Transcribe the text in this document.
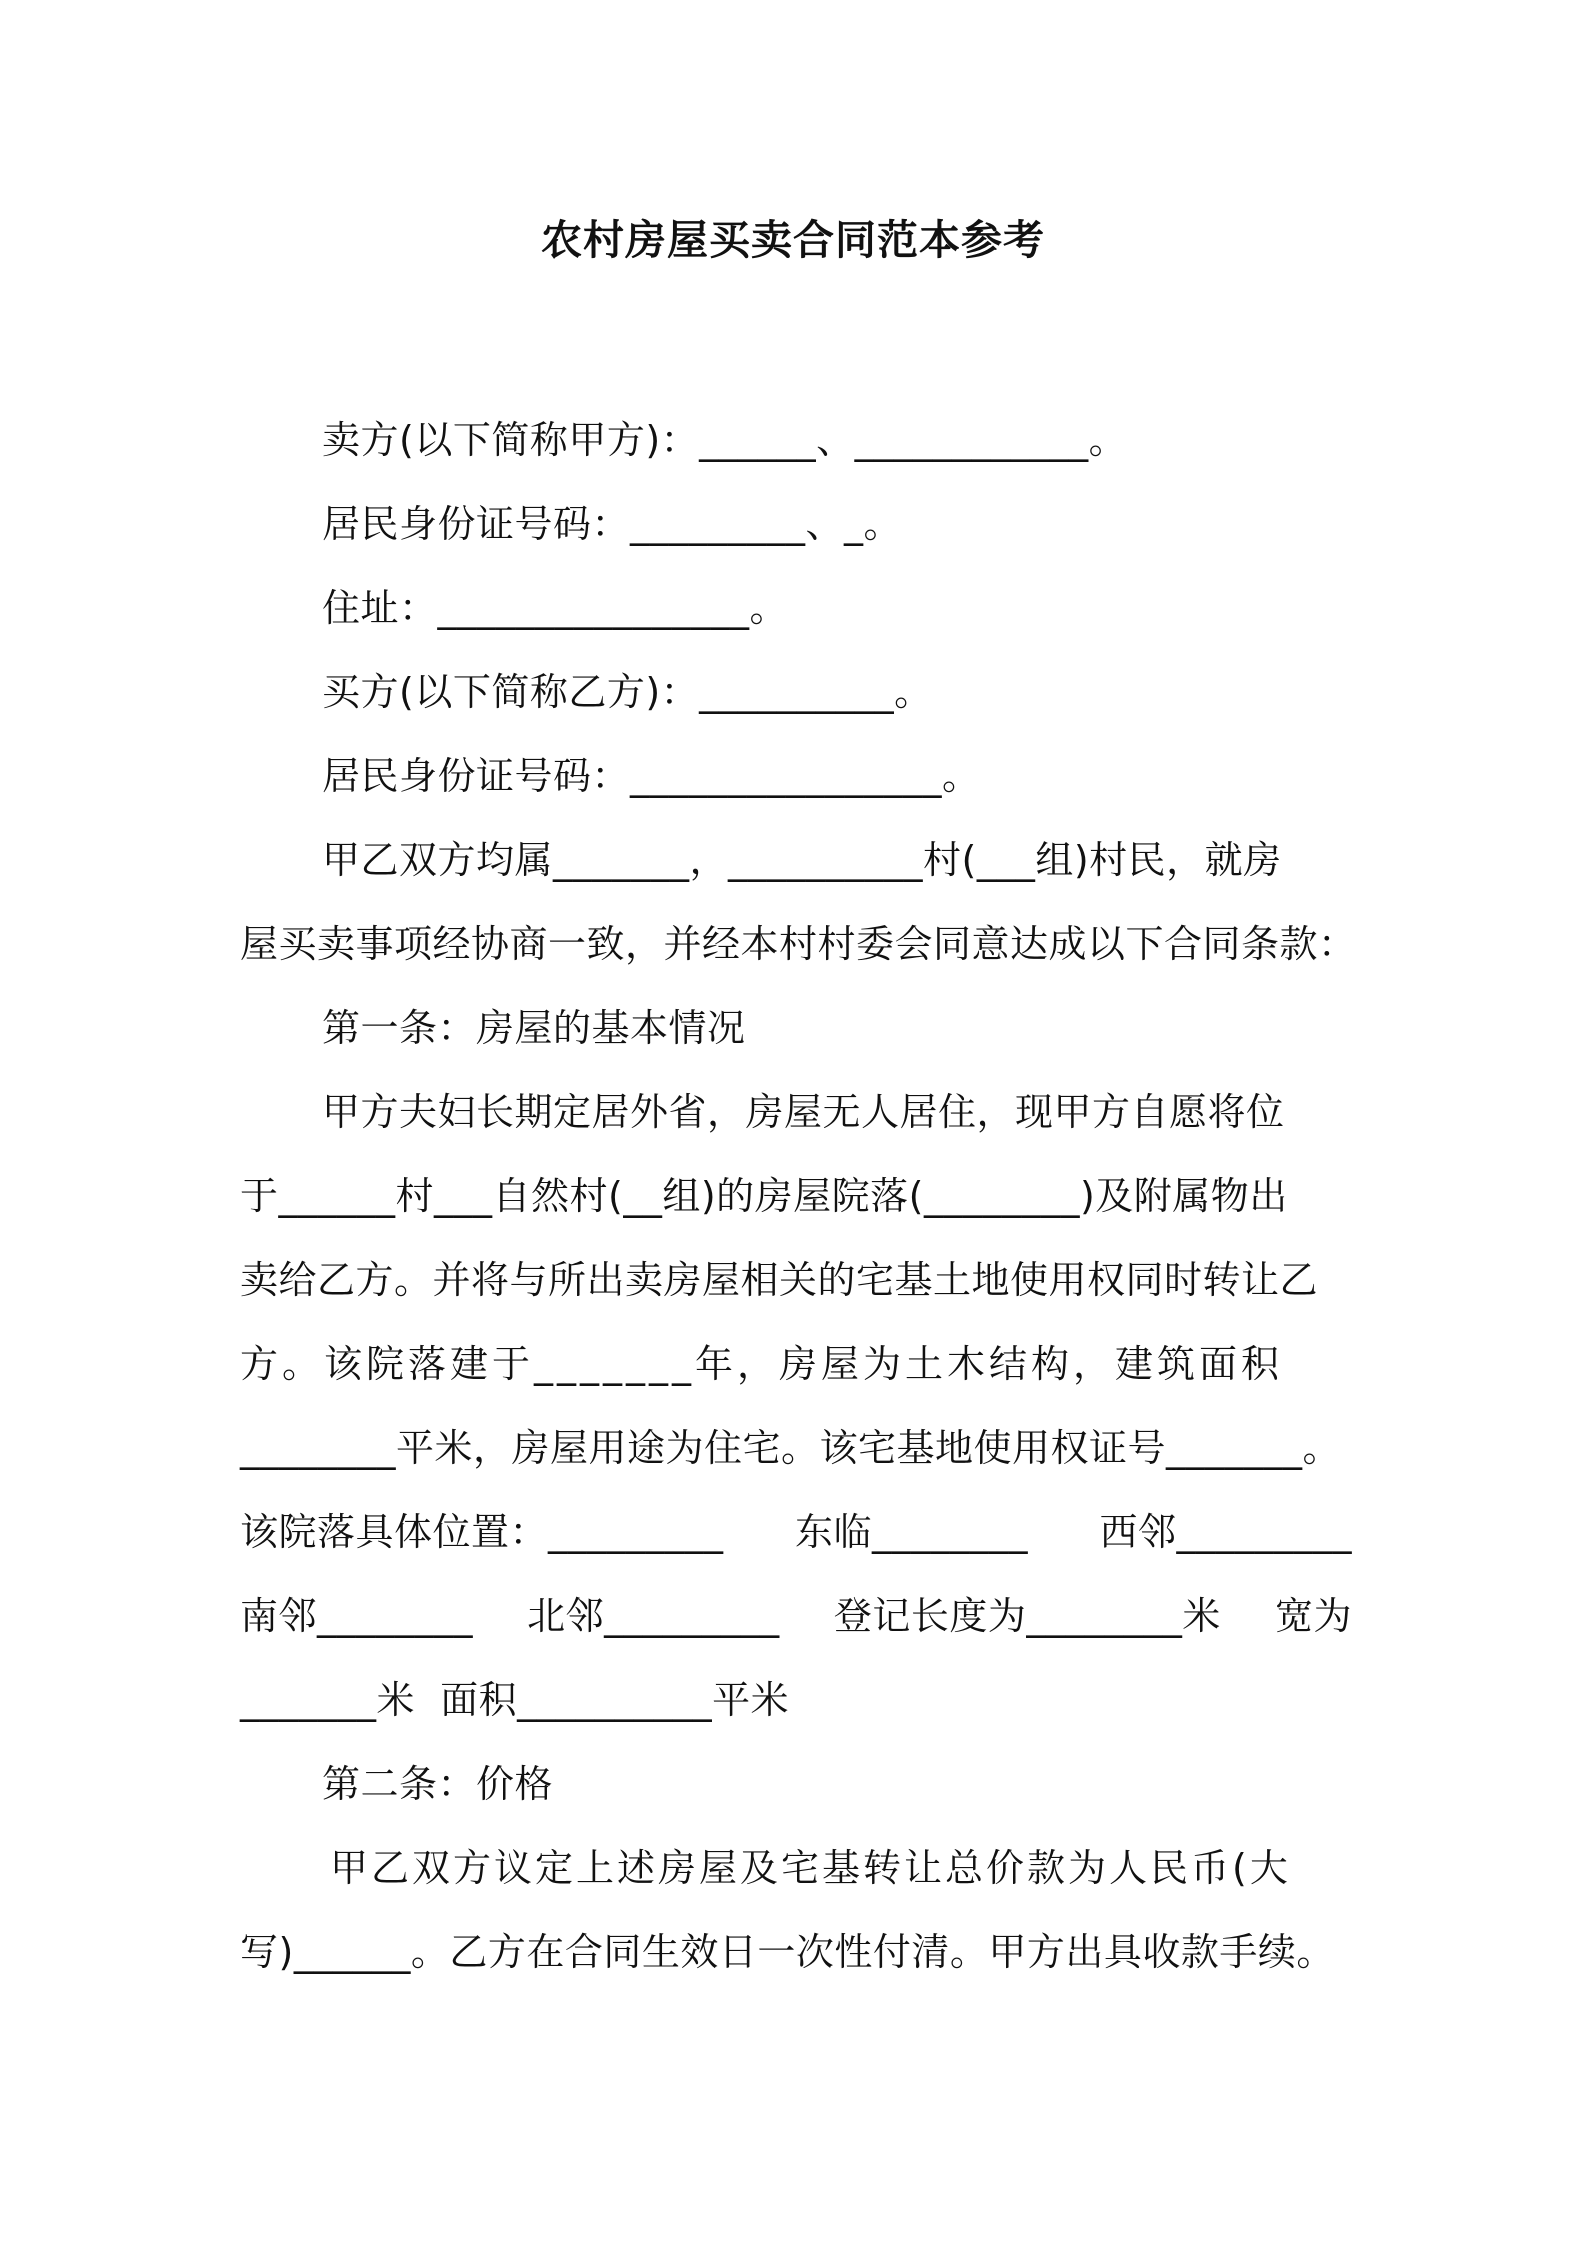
农村房屋买卖合同范本参考
卖方(以下简称甲方)：______、____________。
居民身份证号码：_________、_。
住址：________________。
买方(以下简称乙方)：__________。
居民身份证号码：________________。
甲乙双方均属_______，__________村(___组)村民，就房
屋买卖事项经协商一致，并经本村村委会同意达成以下合同条款：
第一条：房屋的基本情况
甲方夫妇长期定居外省，房屋无人居住，现甲方自愿将位
于______村___自然村(__组)的房屋院落(________)及附属物出
卖给乙方。并将与所出卖房屋相关的宅基土地使用权同时转让乙
方。该院落建于_______年，房屋为土木结构，建筑面积
________平米，房屋用途为住宅。该宅基地使用权证号_______。
该院落具体位置：_________ 东临________ 西邻_________
南邻________ 北邻_________ 登记长度为________米 宽为
_______米  面积__________平米
第二条：价格
甲乙双方议定上述房屋及宅基转让总价款为人民币(大
写)______。乙方在合同生效日一次性付清。甲方出具收款手续。
